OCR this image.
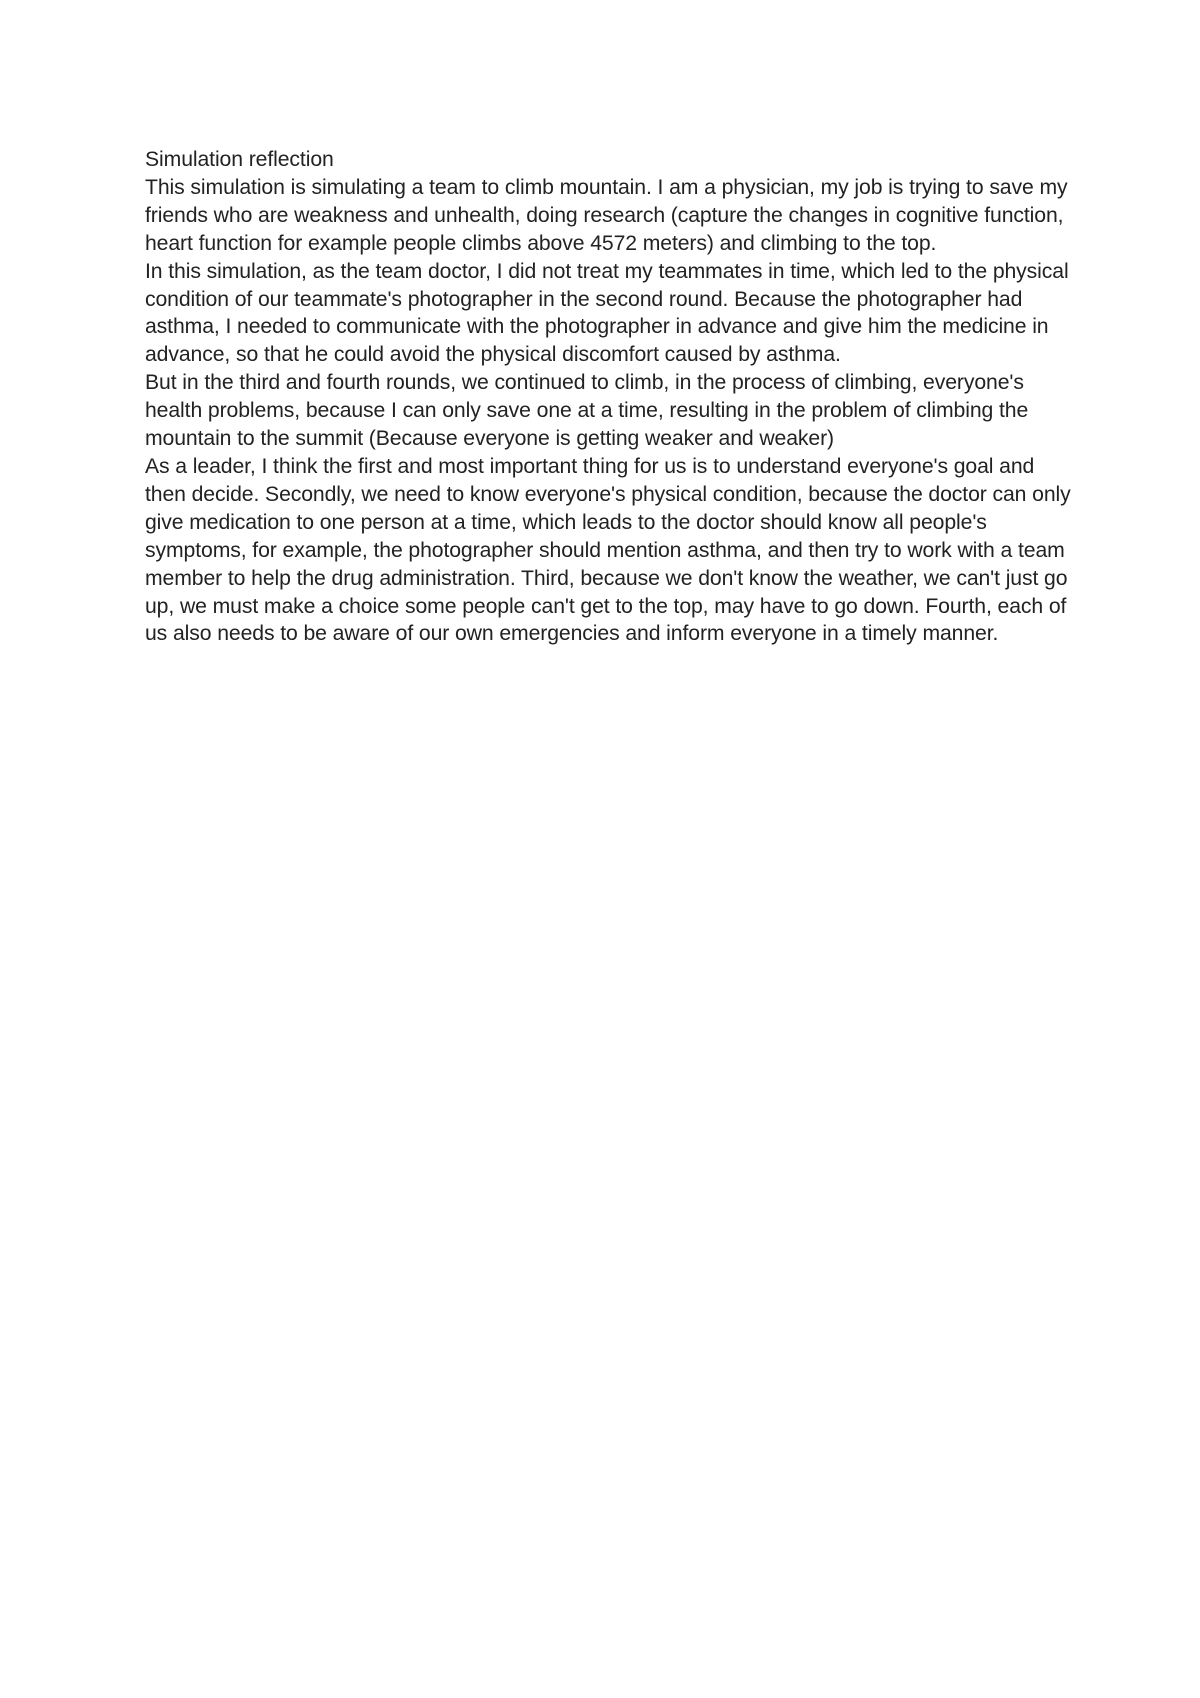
Simulation reflection

This simulation is simulating a team to climb mountain. I am a physician, my job is trying to save my friends who are weakness and unhealth, doing research (capture the changes in cognitive function, heart function for example people climbs above 4572 meters) and climbing to the top.

In this simulation, as the team doctor, I did not treat my teammates in time, which led to the physical condition of our teammate's photographer in the second round. Because the photographer had asthma, I needed to communicate with the photographer in advance and give him the medicine in advance, so that he could avoid the physical discomfort caused by asthma.

But in the third and fourth rounds, we continued to climb, in the process of climbing, everyone's health problems, because I can only save one at a time, resulting in the problem of climbing the mountain to the summit (Because everyone is getting weaker and weaker)

As a leader, I think the first and most important thing for us is to understand everyone's goal and then decide. Secondly, we need to know everyone's physical condition, because the doctor can only give medication to one person at a time, which leads to the doctor should know all people's symptoms, for example, the photographer should mention asthma, and then try to work with a team member to help the drug administration. Third, because we don't know the weather, we can't just go up, we must make a choice some people can't get to the top, may have to go down. Fourth, each of us also needs to be aware of our own emergencies and inform everyone in a timely manner.
